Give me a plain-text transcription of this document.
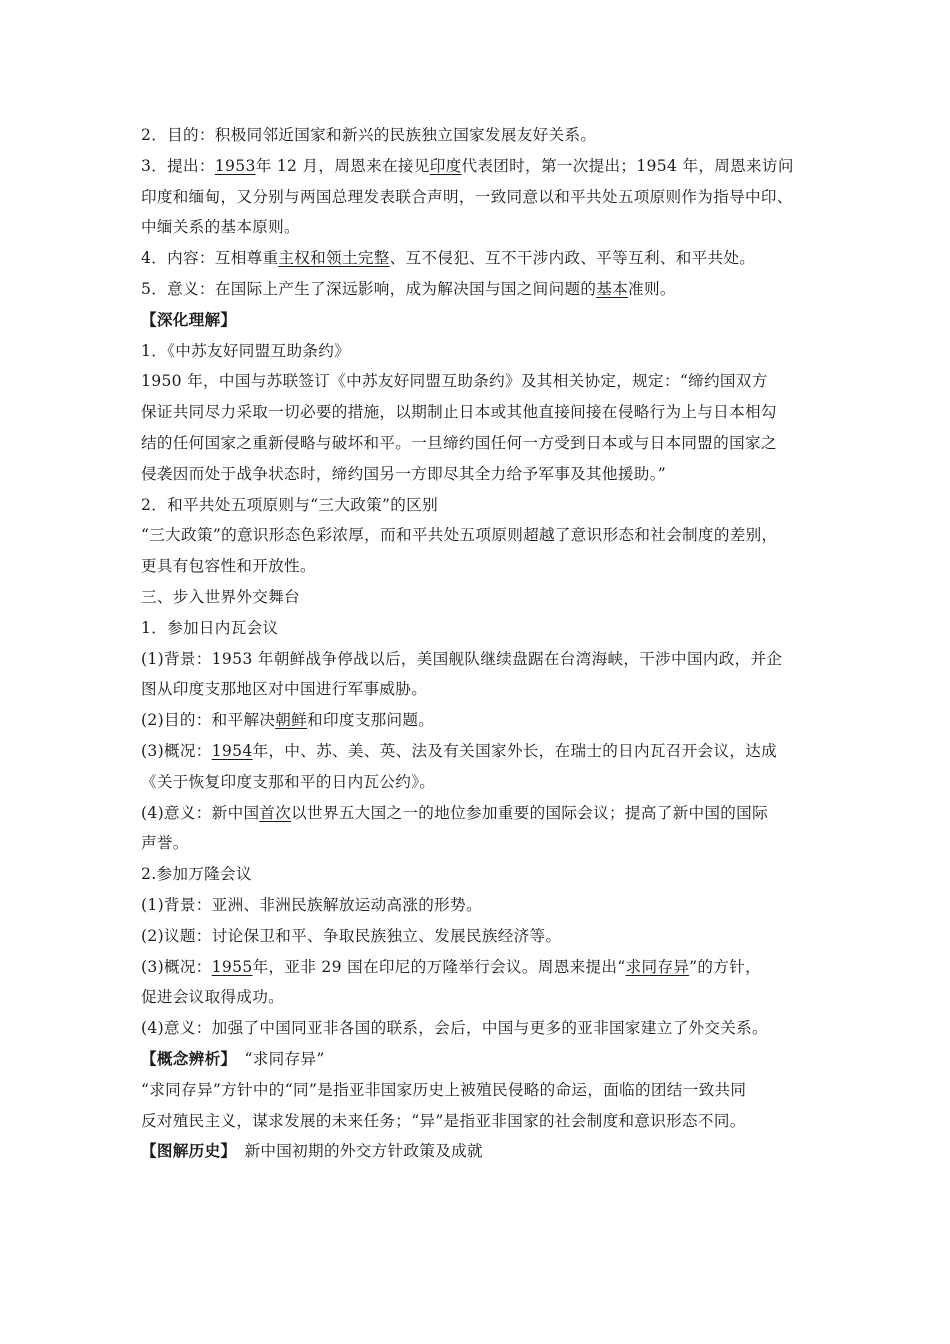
2．目的：积极同邻近国家和新兴的民族独立国家发展友好关系。
3．提出：1953年 12 月，周恩来在接见印度代表团时，第一次提出；1954 年，周恩来访问
印度和缅甸，又分别与两国总理发表联合声明，一致同意以和平共处五项原则作为指导中印、
中缅关系的基本原则。
4．内容：互相尊重主权和领土完整、互不侵犯、互不干涉内政、平等互利、和平共处。
5．意义：在国际上产生了深远影响，成为解决国与国之间问题的基本准则。
【深化理解】
1．《中苏友好同盟互助条约》
1950 年，中国与苏联签订《中苏友好同盟互助条约》及其相关协定，规定：“缔约国双方
保证共同尽力采取一切必要的措施，以期制止日本或其他直接间接在侵略行为上与日本相勾
结的任何国家之重新侵略与破坏和平。一旦缔约国任何一方受到日本或与日本同盟的国家之
侵袭因而处于战争状态时，缔约国另一方即尽其全力给予军事及其他援助。”
2．和平共处五项原则与“三大政策”的区别
“三大政策”的意识形态色彩浓厚，而和平共处五项原则超越了意识形态和社会制度的差别，
更具有包容性和开放性。
三、步入世界外交舞台
1．参加日内瓦会议
(1)背景：1953 年朝鲜战争停战以后，美国舰队继续盘踞在台湾海峡，干涉中国内政，并企
图从印度支那地区对中国进行军事威胁。
(2)目的：和平解决朝鲜和印度支那问题。
(3)概况：1954年，中、苏、美、英、法及有关国家外长，在瑞士的日内瓦召开会议，达成
《关于恢复印度支那和平的日内瓦公约》。
(4)意义：新中国首次以世界五大国之一的地位参加重要的国际会议；提高了新中国的国际
声誉。
2.参加万隆会议
(1)背景：亚洲、非洲民族解放运动高涨的形势。
(2)议题：讨论保卫和平、争取民族独立、发展民族经济等。
(3)概况：1955年，亚非 29 国在印尼的万隆举行会议。周恩来提出“求同存异”的方针，
促进会议取得成功。
(4)意义：加强了中国同亚非各国的联系，会后，中国与更多的亚非国家建立了外交关系。
【概念辨析】　“求同存异”
“求同存异”方针中的“同”是指亚非国家历史上被殖民侵略的命运，面临的团结一致共同
反对殖民主义，谋求发展的未来任务；“异”是指亚非国家的社会制度和意识形态不同。
【图解历史】　新中国初期的外交方针政策及成就
